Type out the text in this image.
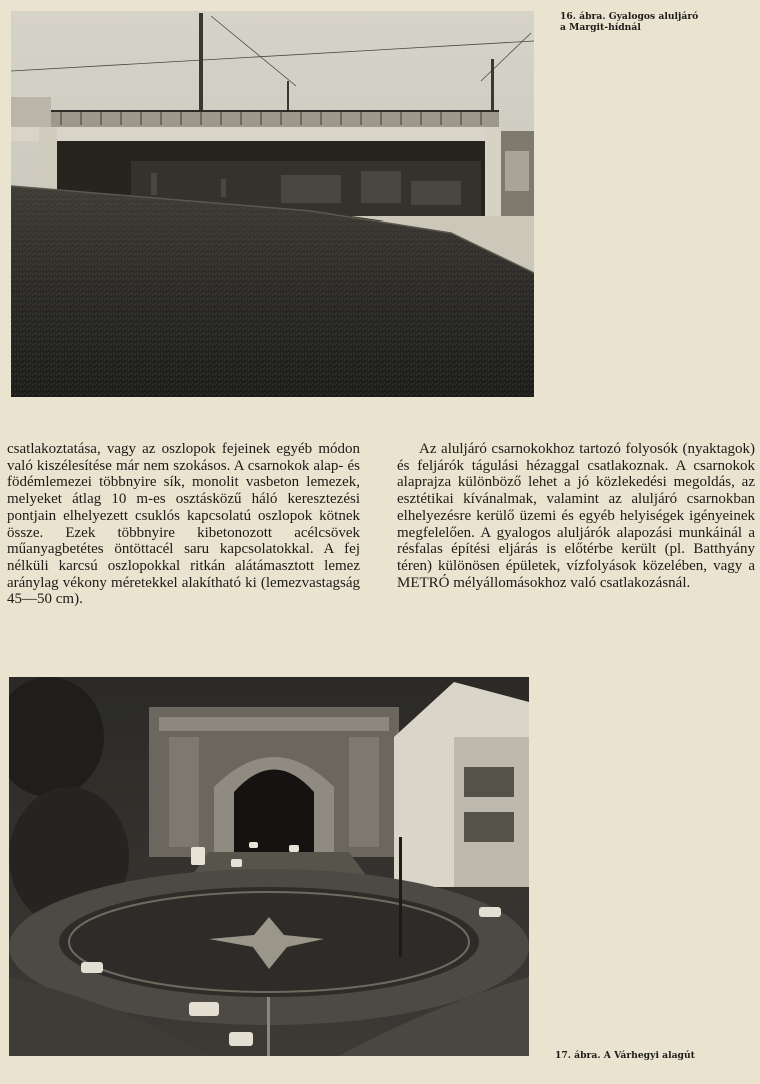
16. ábra. Gyalogos aluljáró
a Margit-hídnál

csatlakoztatása, vagy az oszlopok fejeinek egyéb módon való kiszélesítése már nem szokásos. A csarnokok alap- és födémlemezei többnyire sík, monolit vasbeton lemezek, melyeket átlag 10 m-es osztásközű háló keresztezési pontjain elhelyezett csuklós kapcsolatú oszlopok kötnek össze. Ezek többnyire kibetonozott acélcsövek műanyagbetétes öntöttacél saru kapcsolatokkal. A fej nélküli karcsú oszlopokkal ritkán alátámasztott lemez aránylag vékony méretekkel alakítható ki (lemezvastagság 45—50 cm).

Az aluljáró csarnokokhoz tartozó folyosók (nyaktagok) és feljárók tágulási hézaggal csatlakoznak. A csarnokok alaprajza különböző lehet a jó közlekedési megoldás, az esztétikai kívánalmak, valamint az aluljáró csarnokban elhelyezésre kerülő üzemi és egyéb helyiségek igényeinek megfelelően. A gyalogos aluljárók alapozási munkáinál a résfalas építési eljárás is előtérbe került (pl. Batthyány téren) különösen épületek, vízfolyások közelében, vagy a METRÓ mélyállomásokhoz való csatlakozásnál.

17. ábra. A Várhegyi alagút
